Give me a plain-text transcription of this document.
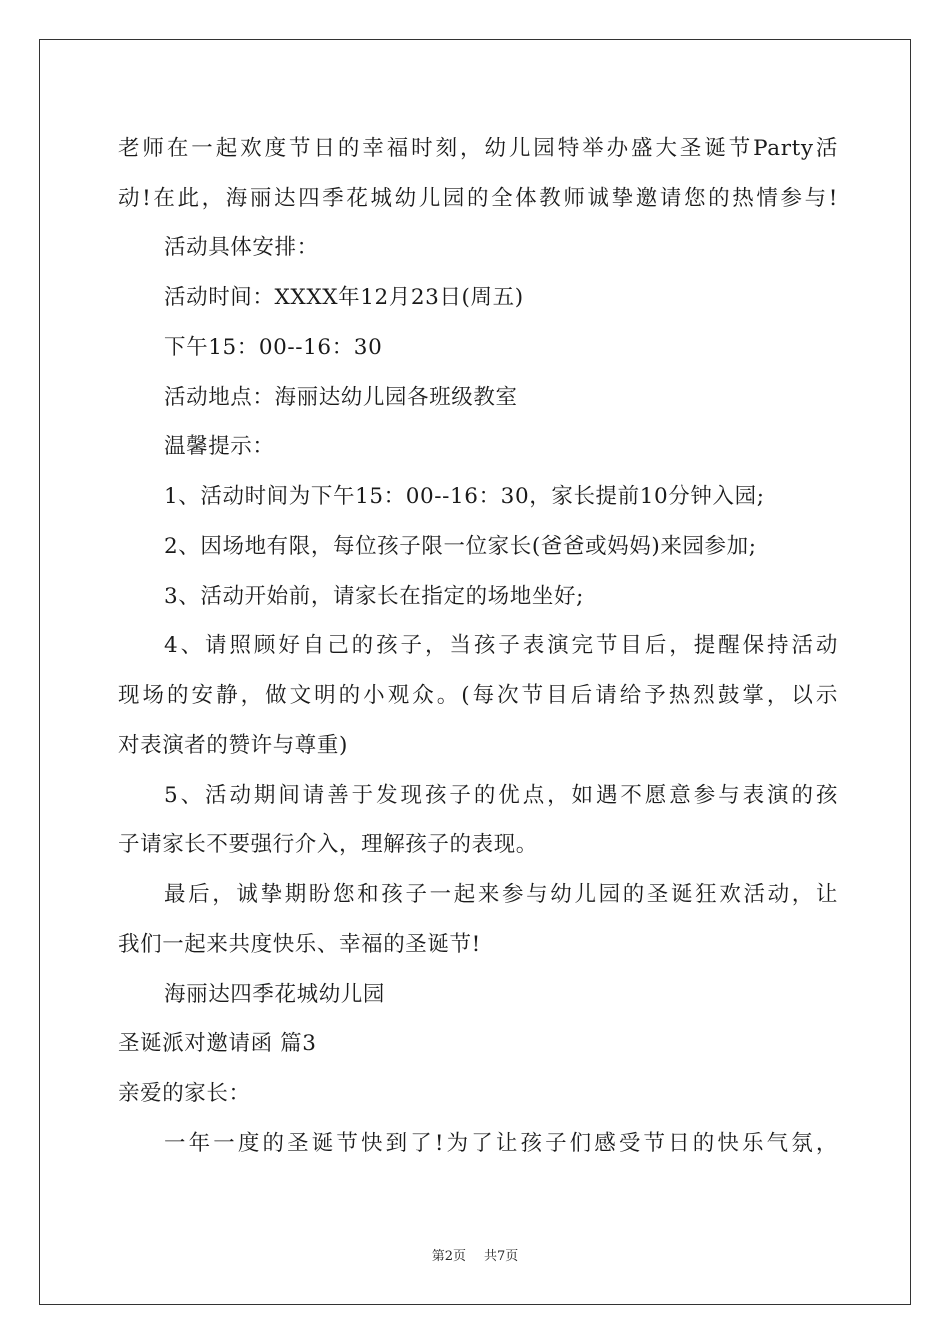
老师在一起欢度节日的幸福时刻，幼儿园特举办盛大圣诞节Party活
动!在此，海丽达四季花城幼儿园的全体教师诚挚邀请您的热情参与!
活动具体安排：
活动时间：XXXX年12月23日(周五)
下午15：00--16：30
活动地点：海丽达幼儿园各班级教室
温馨提示：
1、活动时间为下午15：00--16：30，家长提前10分钟入园;
2、因场地有限，每位孩子限一位家长(爸爸或妈妈)来园参加;
3、活动开始前，请家长在指定的场地坐好;
4、请照顾好自己的孩子，当孩子表演完节目后，提醒保持活动
现场的安静，做文明的小观众。(每次节目后请给予热烈鼓掌，以示
对表演者的赞许与尊重)
5、活动期间请善于发现孩子的优点，如遇不愿意参与表演的孩
子请家长不要强行介入，理解孩子的表现。
最后，诚挚期盼您和孩子一起来参与幼儿园的圣诞狂欢活动，让
我们一起来共度快乐、幸福的圣诞节!
海丽达四季花城幼儿园
圣诞派对邀请函 篇3
亲爱的家长：
一年一度的圣诞节快到了!为了让孩子们感受节日的快乐气氛，
第2页 共7页
